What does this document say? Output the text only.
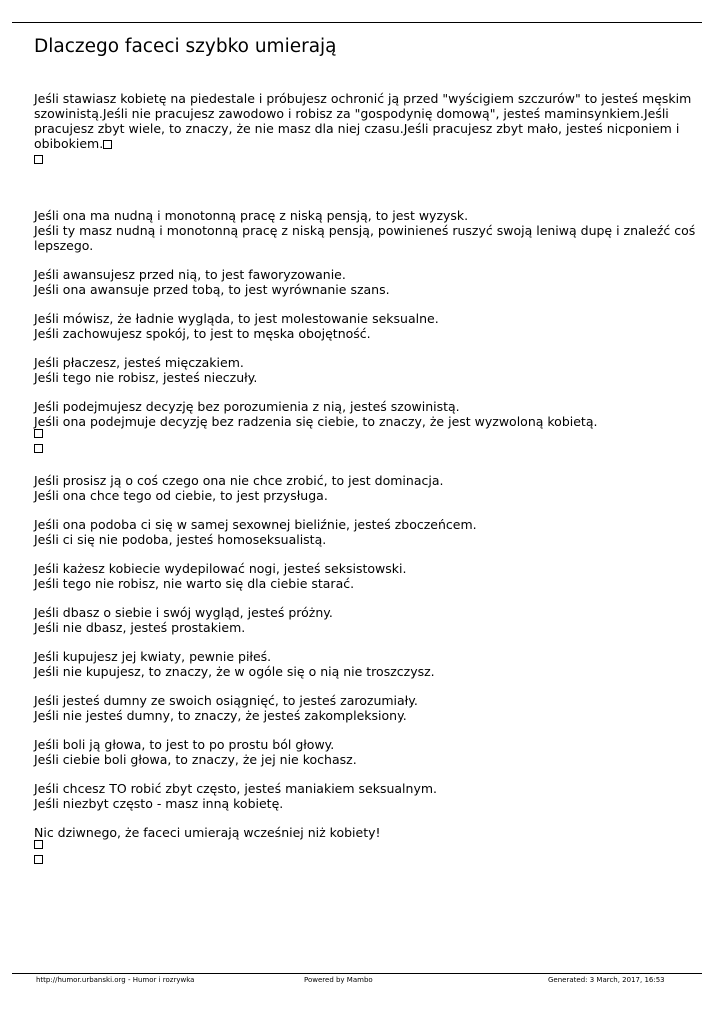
Dlaczego faceci szybko umierają

Jeśli stawiasz kobietę na piedestale i próbujesz ochronić ją przed "wyścigiem szczurów" to jesteś męskim szowinistą.Jeśli nie pracujesz zawodowo i robisz za "gospodynię domową", jesteś maminsynkiem.Jeśli pracujesz zbyt wiele, to znaczy, że nie masz dla niej czasu.Jeśli pracujesz zbyt mało, jesteś nicponiem i obibokiem.

Jeśli ona ma nudną i monotonną pracę z niską pensją, to jest wyzysk.
Jeśli ty masz nudną i monotonną pracę z niską pensją, powinieneś ruszyć swoją leniwą dupę i znaleźć coś lepszego.

Jeśli awansujesz przed nią, to jest faworyzowanie.
Jeśli ona awansuje przed tobą, to jest wyrównanie szans.

Jeśli mówisz, że ładnie wygląda, to jest molestowanie seksualne.
Jeśli zachowujesz spokój, to jest to męska obojętność.

Jeśli płaczesz, jesteś mięczakiem.
Jeśli tego nie robisz, jesteś nieczuły.

Jeśli podejmujesz decyzję bez porozumienia z nią, jesteś szowinistą.
Jeśli ona podejmuje decyzję bez radzenia się ciebie, to znaczy, że jest wyzwoloną kobietą.

Jeśli prosisz ją o coś czego ona nie chce zrobić, to jest dominacja.
Jeśli ona chce tego od ciebie, to jest przysługa.

Jeśli ona podoba ci się w samej sexownej bieliźnie, jesteś zboczeńcem.
Jeśli ci się nie podoba, jesteś homoseksualistą.

Jeśli każesz kobiecie wydepilować nogi, jesteś seksistowski.
Jeśli tego nie robisz, nie warto się dla ciebie starać.

Jeśli dbasz o siebie i swój wygląd, jesteś próżny.
Jeśli nie dbasz, jesteś prostakiem.

Jeśli kupujesz jej kwiaty, pewnie piłeś.
Jeśli nie kupujesz, to znaczy, że w ogóle się o nią nie troszczysz.

Jeśli jesteś dumny ze swoich osiągnięć, to jesteś zarozumiały.
Jeśli nie jesteś dumny, to znaczy, że jesteś zakompleksiony.

Jeśli boli ją głowa, to jest to po prostu ból głowy.
Jeśli ciebie boli głowa, to znaczy, że jej nie kochasz.

Jeśli chcesz TO robić zbyt często, jesteś maniakiem seksualnym.
Jeśli niezbyt często - masz inną kobietę.

Nic dziwnego, że faceci umierają wcześniej niż kobiety!

http://humor.urbanski.org - Humor i rozrywka	Powered by Mambo	Generated: 3 March, 2017, 16:53
